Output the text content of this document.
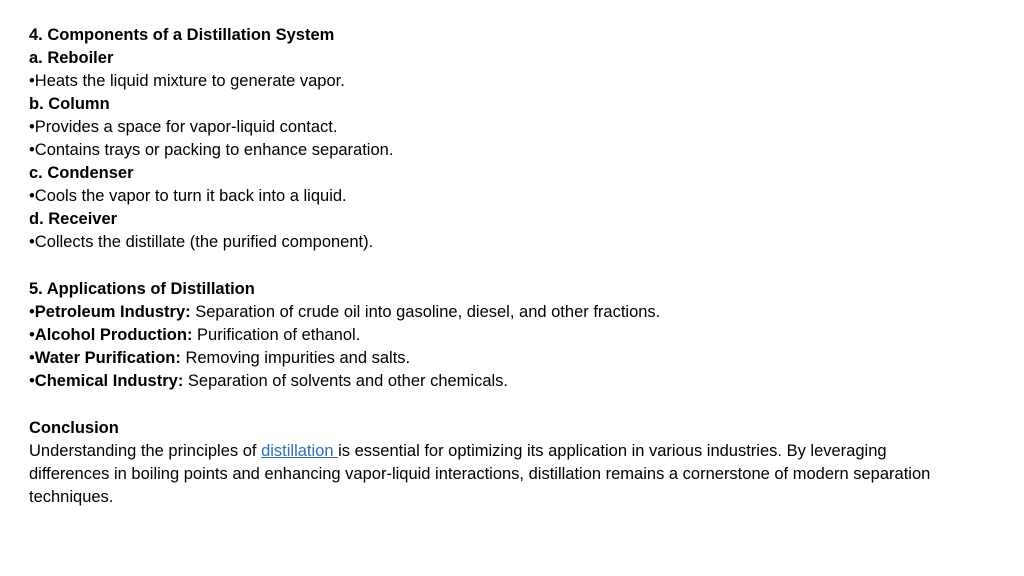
4. Components of a Distillation System
a. Reboiler
•Heats the liquid mixture to generate vapor.
b. Column
•Provides a space for vapor-liquid contact.
•Contains trays or packing to enhance separation.
c. Condenser
•Cools the vapor to turn it back into a liquid.
d. Receiver
•Collects the distillate (the purified component).
5. Applications of Distillation
•Petroleum Industry: Separation of crude oil into gasoline, diesel, and other fractions.
•Alcohol Production: Purification of ethanol.
•Water Purification: Removing impurities and salts.
•Chemical Industry: Separation of solvents and other chemicals.
Conclusion
Understanding the principles of distillation is essential for optimizing its application in various industries. By leveraging differences in boiling points and enhancing vapor-liquid interactions, distillation remains a cornerstone of modern separation techniques.
